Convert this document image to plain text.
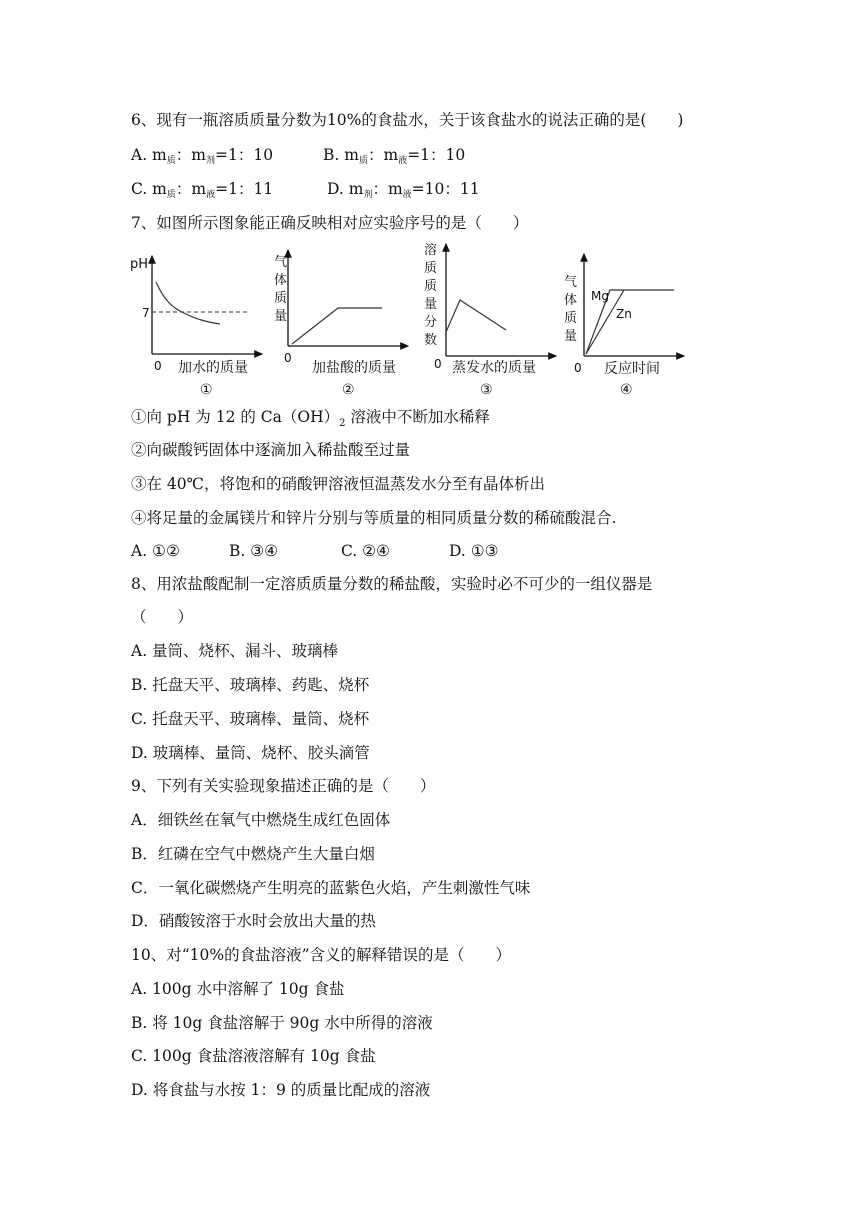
6、现有一瓶溶质质量分数为10%的食盐水，关于该食盐水的说法正确的是(　　)
A. m质：m剂=1：10	B. m质：m液=1：10
C. m质：m液=1：11	D. m剂：m液=10：11
7、如图所示图象能正确反映相对应实验序号的是（　　）
pH
7
0 加水的质量
①
气 体 质 量
0
加盐酸的质量
②
溶 质 质 量 分 数
0 蒸发水的质量
③
气 体 质 量
Mg
Zn
0 反应时间
④
①向 pH 为 12 的 $Ca(OH)_2$ 溶液中不断加水稀释
②向碳酸钙固体中逐滴加入稀盐酸至过量
③在 40℃，将饱和的硝酸钾溶液恒温蒸发水分至有晶体析出
④将足量的金属镁片和锌片分别与等质量的相同质量分数的稀硫酸混合.
A. ①②	B. ③④	C. ②④	D. ①③
8、用浓盐酸配制一定溶质质量分数的稀盐酸，实验时必不可少的一组仪器是
（　　）
A. 量筒、烧杯、漏斗、玻璃棒
B. 托盘天平、玻璃棒、药匙、烧杯
C. 托盘天平、玻璃棒、量筒、烧杯
D. 玻璃棒、量筒、烧杯、胶头滴管
9、下列有关实验现象描述正确的是（　　）
A．细铁丝在氧气中燃烧生成红色固体
B．红磷在空气中燃烧产生大量白烟
C．一氧化碳燃烧产生明亮的蓝紫色火焰，产生刺激性气味
D．硝酸铵溶于水时会放出大量的热
10、对“10%的食盐溶液”含义的解释错误的是（　　）
A. 100g 水中溶解了 10g 食盐
B. 将 10g 食盐溶解于 90g 水中所得的溶液
C. 100g 食盐溶液溶解有 10g 食盐
D. 将食盐与水按 1：9 的质量比配成的溶液
